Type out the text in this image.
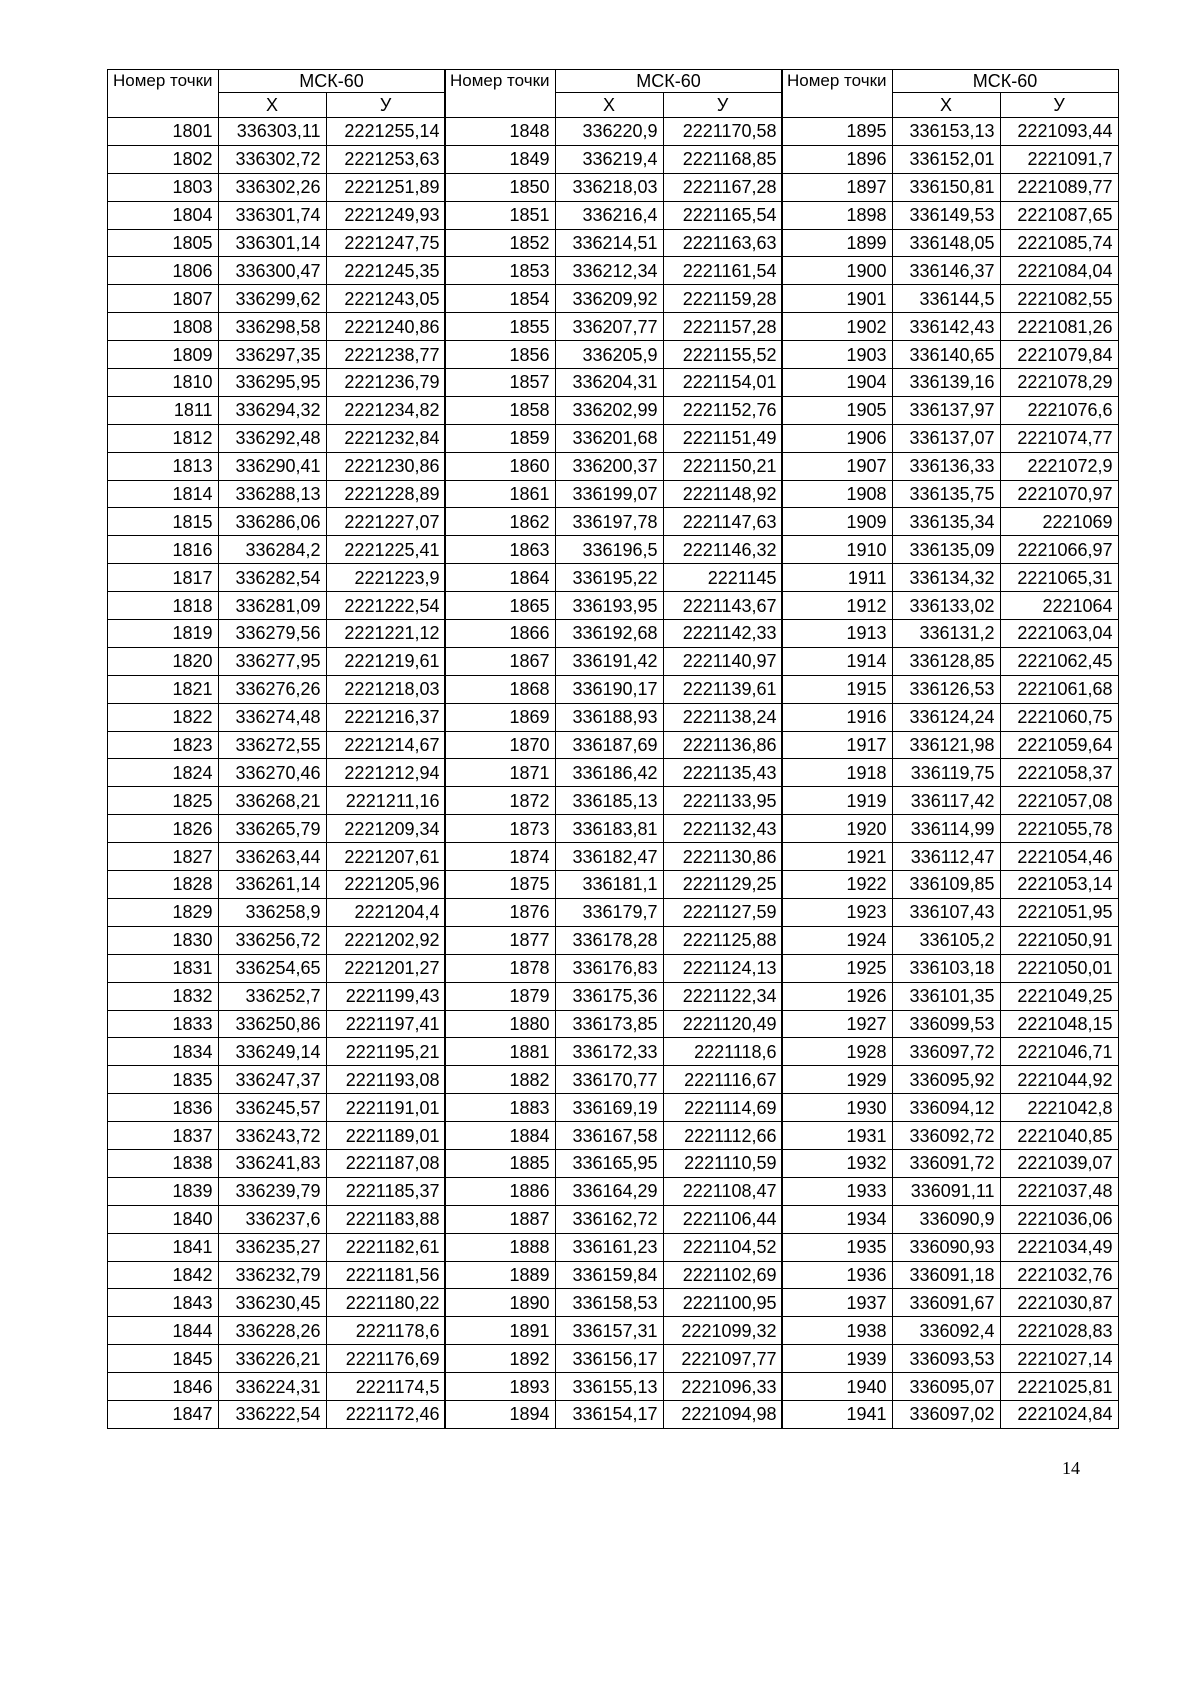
Номер точки	МСК-60	
	Х	У
1801	336303,11	2221255,14
1802	336302,72	2221253,63
1803	336302,26	2221251,89
1804	336301,74	2221249,93
1805	336301,14	2221247,75
1806	336300,47	2221245,35
1807	336299,62	2221243,05
1808	336298,58	2221240,86
1809	336297,35	2221238,77
1810	336295,95	2221236,79
1811	336294,32	2221234,82
1812	336292,48	2221232,84
1813	336290,41	2221230,86
1814	336288,13	2221228,89
1815	336286,06	2221227,07
1816	336284,2	2221225,41
1817	336282,54	2221223,9
1818	336281,09	2221222,54
1819	336279,56	2221221,12
1820	336277,95	2221219,61
1821	336276,26	2221218,03
1822	336274,48	2221216,37
1823	336272,55	2221214,67
1824	336270,46	2221212,94
1825	336268,21	2221211,16
1826	336265,79	2221209,34
1827	336263,44	2221207,61
1828	336261,14	2221205,96
1829	336258,9	2221204,4
1830	336256,72	2221202,92
1831	336254,65	2221201,27
1832	336252,7	2221199,43
1833	336250,86	2221197,41
1834	336249,14	2221195,21
1835	336247,37	2221193,08
1836	336245,57	2221191,01
1837	336243,72	2221189,01
1838	336241,83	2221187,08
1839	336239,79	2221185,37
1840	336237,6	2221183,88
1841	336235,27	2221182,61
1842	336232,79	2221181,56
1843	336230,45	2221180,22
1844	336228,26	2221178,6
1845	336226,21	2221176,69
1846	336224,31	2221174,5
1847	336222,54	2221172,46
Номер точки	МСК-60	
	Х	У
1848	336220,9	2221170,58
1849	336219,4	2221168,85
1850	336218,03	2221167,28
1851	336216,4	2221165,54
1852	336214,51	2221163,63
1853	336212,34	2221161,54
1854	336209,92	2221159,28
1855	336207,77	2221157,28
1856	336205,9	2221155,52
1857	336204,31	2221154,01
1858	336202,99	2221152,76
1859	336201,68	2221151,49
1860	336200,37	2221150,21
1861	336199,07	2221148,92
1862	336197,78	2221147,63
1863	336196,5	2221146,32
1864	336195,22	2221145
1865	336193,95	2221143,67
1866	336192,68	2221142,33
1867	336191,42	2221140,97
1868	336190,17	2221139,61
1869	336188,93	2221138,24
1870	336187,69	2221136,86
1871	336186,42	2221135,43
1872	336185,13	2221133,95
1873	336183,81	2221132,43
1874	336182,47	2221130,86
1875	336181,1	2221129,25
1876	336179,7	2221127,59
1877	336178,28	2221125,88
1878	336176,83	2221124,13
1879	336175,36	2221122,34
1880	336173,85	2221120,49
1881	336172,33	2221118,6
1882	336170,77	2221116,67
1883	336169,19	2221114,69
1884	336167,58	2221112,66
1885	336165,95	2221110,59
1886	336164,29	2221108,47
1887	336162,72	2221106,44
1888	336161,23	2221104,52
1889	336159,84	2221102,69
1890	336158,53	2221100,95
1891	336157,31	2221099,32
1892	336156,17	2221097,77
1893	336155,13	2221096,33
1894	336154,17	2221094,98
Номер точки	МСК-60	
	Х	У
1895	336153,13	2221093,44
1896	336152,01	2221091,7
1897	336150,81	2221089,77
1898	336149,53	2221087,65
1899	336148,05	2221085,74
1900	336146,37	2221084,04
1901	336144,5	2221082,55
1902	336142,43	2221081,26
1903	336140,65	2221079,84
1904	336139,16	2221078,29
1905	336137,97	2221076,6
1906	336137,07	2221074,77
1907	336136,33	2221072,9
1908	336135,75	2221070,97
1909	336135,34	2221069
1910	336135,09	2221066,97
1911	336134,32	2221065,31
1912	336133,02	2221064
1913	336131,2	2221063,04
1914	336128,85	2221062,45
1915	336126,53	2221061,68
1916	336124,24	2221060,75
1917	336121,98	2221059,64
1918	336119,75	2221058,37
1919	336117,42	2221057,08
1920	336114,99	2221055,78
1921	336112,47	2221054,46
1922	336109,85	2221053,14
1923	336107,43	2221051,95
1924	336105,2	2221050,91
1925	336103,18	2221050,01
1926	336101,35	2221049,25
1927	336099,53	2221048,15
1928	336097,72	2221046,71
1929	336095,92	2221044,92
1930	336094,12	2221042,8
1931	336092,72	2221040,85
1932	336091,72	2221039,07
1933	336091,11	2221037,48
1934	336090,9	2221036,06
1935	336090,93	2221034,49
1936	336091,18	2221032,76
1937	336091,67	2221030,87
1938	336092,4	2221028,83
1939	336093,53	2221027,14
1940	336095,07	2221025,81
1941	336097,02	2221024,84
14
